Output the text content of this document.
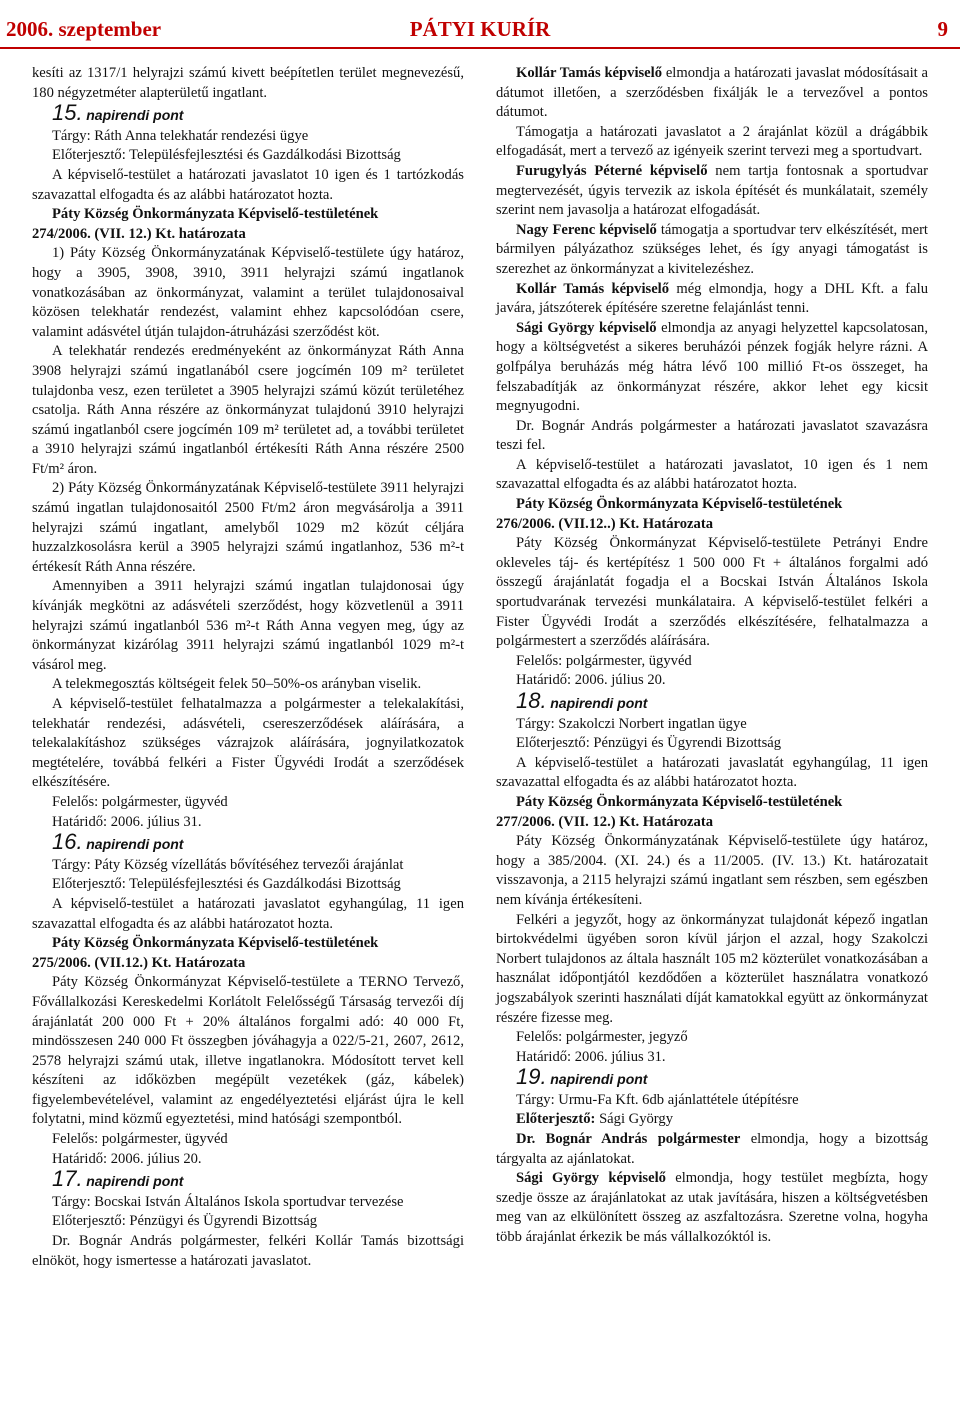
2006. szeptember	PÁTYI KURÍR	9

kesíti az 1317/1 helyrajzi számú kivett beépítetlen terület megnevezésű, 180 négyzetméter alapterületű ingatlant.

15. napirendi pont

Tárgy: Ráth Anna telekhatár rendezési ügye

Előterjesztő: Településfejlesztési és Gazdálkodási Bizottság

A képviselő-testület a határozati javaslatot 10 igen és 1 tartózkodás szavazattal elfogadta és az alábbi határozatot hozta.

Páty Község Önkormányzata Képviselő-testületének

274/2006. (VII. 12.) Kt. határozata

1) Páty Község Önkormányzatának Képviselő-testülete úgy határoz, hogy a 3905, 3908, 3910, 3911 helyrajzi számú ingatlanok vonatkozásában az önkormányzat, valamint a terület tulajdonosaival közösen telekhatár rendezést, valamint ehhez kapcsolódóan csere, valamint adásvétel útján tulajdon-átruházási szerződést köt.

A telekhatár rendezés eredményeként az önkormányzat Ráth Anna 3908 helyrajzi számú ingatlanából csere jogcímén 109 m² területet tulajdonba vesz, ezen területet a 3905 helyrajzi számú közút területéhez csatolja. Ráth Anna részére az önkormányzat tulajdonú 3910 helyrajzi számú ingatlanból csere jogcímén 109 m² területet ad, a további területet a 3910 helyrajzi számú ingatlanból értékesíti Ráth Anna részére 2500 Ft/m² áron.

2) Páty Község Önkormányzatának Képviselő-testülete 3911 helyrajzi számú ingatlan tulajdonosaitól 2500 Ft/m2 áron megvásárolja a 3911 helyrajzi számú ingatlant, amelyből 1029 m2 közút céljára huzzalzkosolásra kerül a 3905 helyrajzi számú ingatlanhoz, 536 m²-t értékesít Ráth Anna részére.

Amennyiben a 3911 helyrajzi számú ingatlan tulajdonosai úgy kívánják megkötni az adásvételi szerződést, hogy közvetlenül a 3911 helyrajzi számú ingatlanból 536 m²-t Ráth Anna vegyen meg, úgy az önkormányzat kizárólag 3911 helyrajzi számú ingatlanból 1029 m²-t vásárol meg.

A telekmegosztás költségeit felek 50–50%-os arányban viselik.

A képviselő-testület felhatalmazza a polgármester a telekalakítási, telekhatár rendezési, adásvételi, csereszerződések aláírására, a telekalakításhoz szükséges vázrajzok aláírására, jognyilatkozatok megtételére, továbbá felkéri a Fister Ügyvédi Irodát a szerződések elkészítésére.

Felelős: polgármester, ügyvéd

Határidő: 2006. július 31.

16. napirendi pont

Tárgy: Páty Község vízellátás bővítéséhez tervezői árajánlat

Előterjesztő: Településfejlesztési és Gazdálkodási Bizottság

A képviselő-testület a határozati javaslatot egyhangúlag, 11 igen szavazattal elfogadta és az alábbi határozatot hozta.

Páty Község Önkormányzata Képviselő-testületének

275/2006. (VII.12.) Kt. Határozata

Páty Község Önkormányzat Képviselő-testülete a TERNO Tervező, Fővállalkozási Kereskedelmi Korlátolt Felelősségű Társaság tervezői díj árajánlatát 200 000 Ft + 20% általános forgalmi adó: 40 000 Ft, mindösszesen 240 000 Ft összegben jóváhagyja a 022/5-21, 2607, 2612, 2578 helyrajzi számú utak, illetve ingatlanokra. Módosított tervet kell készíteni az időközben megépült vezetékek (gáz, kábelek) figyelembevételével, valamint az engedélyeztetési eljárást újra le kell folytatni, mind közmű egyeztetési, mind hatósági szempontból.

Felelős: polgármester, ügyvéd

Határidő: 2006. július 20.

17. napirendi pont

Tárgy: Bocskai István Általános Iskola sportudvar tervezése

Előterjesztő: Pénzügyi és Ügyrendi Bizottság

Dr. Bognár András polgármester, felkéri Kollár Tamás bizottsági elnököt, hogy ismertesse a határozati javaslatot.

Kollár Tamás képviselő elmondja a határozati javaslat módosításait a dátumot illetően, a szerződésben fixálják le a tervezővel a pontos dátumot.

Támogatja a határozati javaslatot a 2 árajánlat közül a drágábbik elfogadását, mert a tervező az igényeik szerint tervezi meg a sportudvart.

Furugylyás Péterné képviselő nem tartja fontosnak a sportudvar megtervezését, úgyis tervezik az iskola építését és munkálatait, személy szerint nem javasolja a határozat elfogadását.

Nagy Ferenc képviselő támogatja a sportudvar terv elkészítését, mert bármilyen pályázathoz szükséges lehet, és így anyagi támogatást is szerezhet az önkormányzat a kivitelezéshez.

Kollár Tamás képviselő még elmondja, hogy a DHL Kft. a falu javára, játszóterek építésére szeretne felajánlást tenni.

Sági György képviselő elmondja az anyagi helyzettel kapcsolatosan, hogy a költségvetést a sikeres beruházói pénzek fogják helyre rázni. A golfpálya beruházás még hátra lévő 100 millió Ft-os összeget, ha felszabadítják az önkormányzat részére, akkor lehet egy kicsit megnyugodni.

Dr. Bognár András polgármester a határozati javaslatot szavazásra teszi fel.

A képviselő-testület a határozati javaslatot, 10 igen és 1 nem szavazattal elfogadta és az alábbi határozatot hozta.

Páty Község Önkormányzata Képviselő-testületének

276/2006. (VII.12..) Kt. Határozata

Páty Község Önkormányzat Képviselő-testülete Petrányi Endre okleveles táj- és kertépítész 1 500 000 Ft + általános forgalmi adó összegű árajánlatát fogadja el a Bocskai István Általános Iskola sportudvarának tervezési munkálataira. A képviselő-testület felkéri a Fister Ügyvédi Irodát a szerződés elkészítésére, felhatalmazza a polgármestert a szerződés aláírására.

Felelős: polgármester, ügyvéd

Határidő: 2006. július 20.

18. napirendi pont

Tárgy: Szakolczi Norbert ingatlan ügye

Előterjesztő: Pénzügyi és Ügyrendi Bizottság

A képviselő-testület a határozati javaslatát egyhangúlag, 11 igen szavazattal elfogadta és az alábbi határozatot hozta.

Páty Község Önkormányzata Képviselő-testületének

277/2006. (VII. 12.) Kt. Határozata

Páty Község Önkormányzatának Képviselő-testülete úgy határoz, hogy a 385/2004. (XI. 24.) és a 11/2005. (IV. 13.) Kt. határozatait visszavonja, a 2115 helyrajzi számú ingatlant sem részben, sem egészben nem kívánja értékesíteni.

Felkéri a jegyzőt, hogy az önkormányzat tulajdonát képező ingatlan birtokvédelmi ügyében soron kívül járjon el azzal, hogy Szakolczi Norbert tulajdonos az általa használt 105 m2 közterület vonatkozásában a használat időpontjától kezdődően a közterület használatra vonatkozó jogszabályok szerinti használati díját kamatokkal együtt az önkormányzat részére fizesse meg.

Felelős: polgármester, jegyző

Határidő: 2006. július 31.

19. napirendi pont

Tárgy: Urmu-Fa Kft. 6db ajánlattétele útépítésre

Előterjesztő: Sági György

Dr. Bognár András polgármester elmondja, hogy a bizottság tárgyalta az ajánlatokat.

Sági György képviselő elmondja, hogy testület megbízta, hogy szedje össze az árajánlatokat az utak javítására, hiszen a költségvetésben meg van az elkülönített összeg az aszfaltozásra. Szeretne volna, hogyha több árajánlat érkezik be más vállalkozóktól is.
